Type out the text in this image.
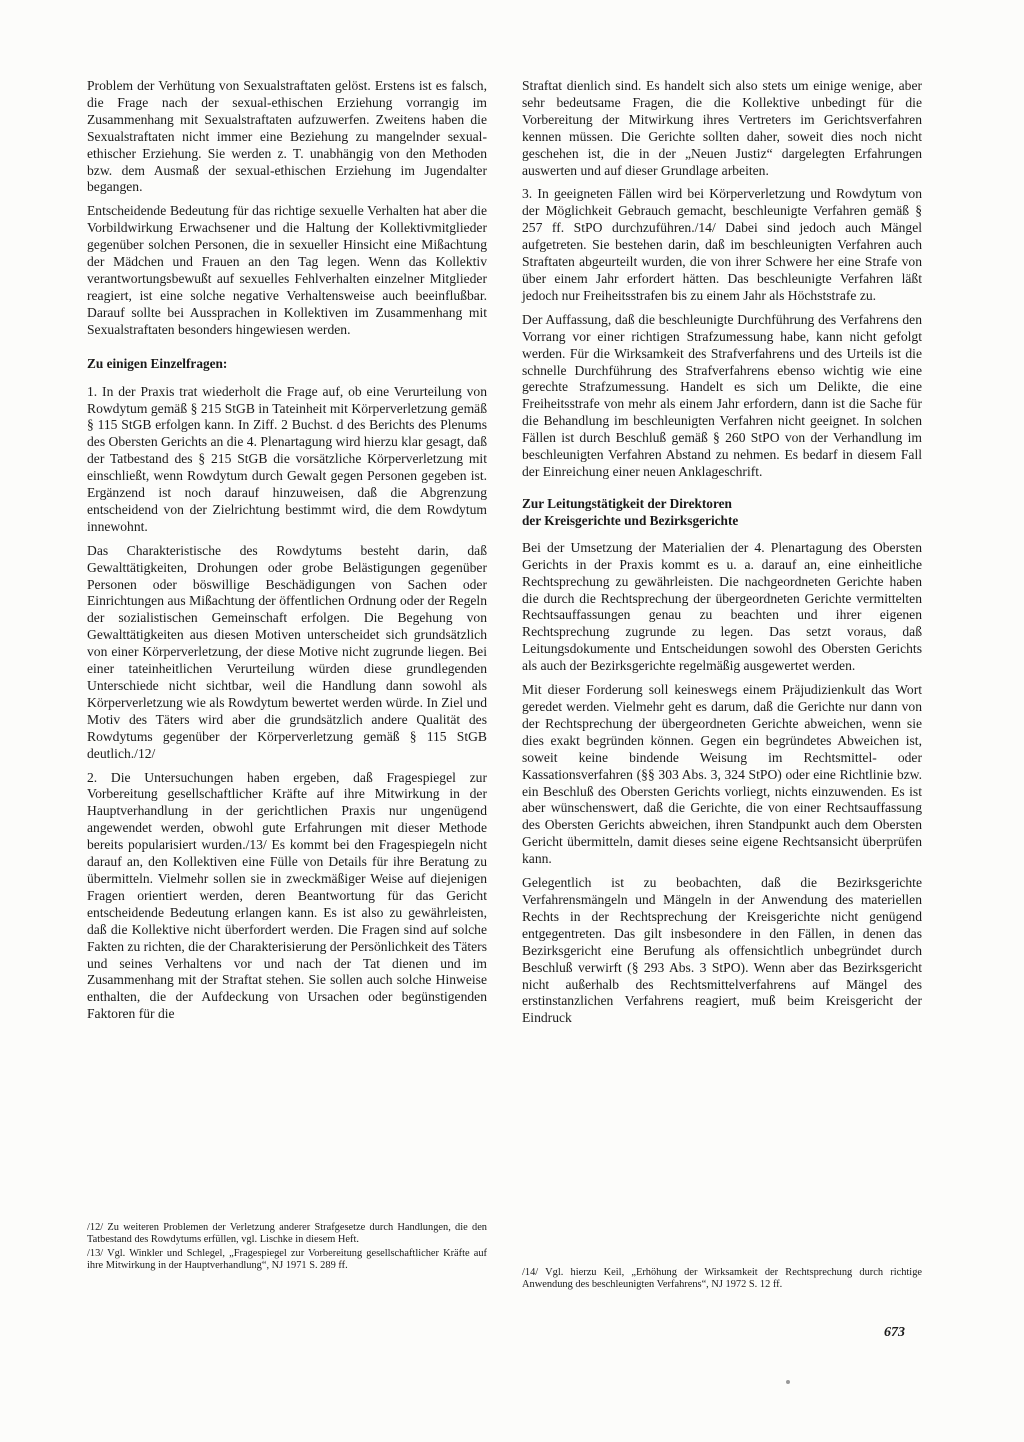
Problem der Verhütung von Sexualstraftaten gelöst. Erstens ist es falsch, die Frage nach der sexual-ethischen Erziehung vorrangig im Zusammenhang mit Sexualstraftaten aufzuwerfen. Zweitens haben die Sexualstraftaten nicht immer eine Beziehung zu mangelnder sexual-ethischer Erziehung. Sie werden z. T. unabhängig von den Methoden bzw. dem Ausmaß der sexual-ethischen Erziehung im Jugendalter begangen.

Entscheidende Bedeutung für das richtige sexuelle Verhalten hat aber die Vorbildwirkung Erwachsener und die Haltung der Kollektivmitglieder gegenüber solchen Personen, die in sexueller Hinsicht eine Mißachtung der Mädchen und Frauen an den Tag legen. Wenn das Kollektiv verantwortungsbewußt auf sexuelles Fehlverhalten einzelner Mitglieder reagiert, ist eine solche negative Verhaltensweise auch beeinflußbar. Darauf sollte bei Aussprachen in Kollektiven im Zusammenhang mit Sexualstraftaten besonders hingewiesen werden.

Zu einigen Einzelfragen:

1. In der Praxis trat wiederholt die Frage auf, ob eine Verurteilung von Rowdytum gemäß § 215 StGB in Tateinheit mit Körperverletzung gemäß § 115 StGB erfolgen kann. In Ziff. 2 Buchst. d des Berichts des Plenums des Obersten Gerichts an die 4. Plenartagung wird hierzu klar gesagt, daß der Tatbestand des § 215 StGB die vorsätzliche Körperverletzung mit einschließt, wenn Rowdytum durch Gewalt gegen Personen gegeben ist. Ergänzend ist noch darauf hinzuweisen, daß die Abgrenzung entscheidend von der Zielrichtung bestimmt wird, die dem Rowdytum innewohnt.

Das Charakteristische des Rowdytums besteht darin, daß Gewalttätigkeiten, Drohungen oder grobe Belästigungen gegenüber Personen oder böswillige Beschädigungen von Sachen oder Einrichtungen aus Mißachtung der öffentlichen Ordnung oder der Regeln der sozialistischen Gemeinschaft erfolgen. Die Begehung von Gewalttätigkeiten aus diesen Motiven unterscheidet sich grundsätzlich von einer Körperverletzung, der diese Motive nicht zugrunde liegen. Bei einer tateinheitlichen Verurteilung würden diese grundlegenden Unterschiede nicht sichtbar, weil die Handlung dann sowohl als Körperverletzung wie als Rowdytum bewertet werden würde. In Ziel und Motiv des Täters wird aber die grundsätzlich andere Qualität des Rowdytums gegenüber der Körperverletzung gemäß § 115 StGB deutlich./12/

2. Die Untersuchungen haben ergeben, daß Fragespiegel zur Vorbereitung gesellschaftlicher Kräfte auf ihre Mitwirkung in der Hauptverhandlung in der gerichtlichen Praxis nur ungenügend angewendet werden, obwohl gute Erfahrungen mit dieser Methode bereits popularisiert wurden./13/ Es kommt bei den Fragespiegeln nicht darauf an, den Kollektiven eine Fülle von Details für ihre Beratung zu übermitteln. Vielmehr sollen sie in zweckmäßiger Weise auf diejenigen Fragen orientiert werden, deren Beantwortung für das Gericht entscheidende Bedeutung erlangen kann. Es ist also zu gewährleisten, daß die Kollektive nicht überfordert werden. Die Fragen sind auf solche Fakten zu richten, die der Charakterisierung der Persönlichkeit des Täters und seines Verhaltens vor und nach der Tat dienen und im Zusammenhang mit der Straftat stehen. Sie sollen auch solche Hinweise enthalten, die der Aufdeckung von Ursachen oder begünstigenden Faktoren für die

Straftat dienlich sind. Es handelt sich also stets um einige wenige, aber sehr bedeutsame Fragen, die die Kollektive unbedingt für die Vorbereitung der Mitwirkung ihres Vertreters im Gerichtsverfahren kennen müssen. Die Gerichte sollten daher, soweit dies noch nicht geschehen ist, die in der „Neuen Justiz“ dargelegten Erfahrungen auswerten und auf dieser Grundlage arbeiten.

3. In geeigneten Fällen wird bei Körperverletzung und Rowdytum von der Möglichkeit Gebrauch gemacht, beschleunigte Verfahren gemäß § 257 ff. StPO durchzuführen./14/ Dabei sind jedoch auch Mängel aufgetreten. Sie bestehen darin, daß im beschleunigten Verfahren auch Straftaten abgeurteilt wurden, die von ihrer Schwere her eine Strafe von über einem Jahr erfordert hätten. Das beschleunigte Verfahren läßt jedoch nur Freiheitsstrafen bis zu einem Jahr als Höchststrafe zu.

Der Auffassung, daß die beschleunigte Durchführung des Verfahrens den Vorrang vor einer richtigen Strafzumessung habe, kann nicht gefolgt werden. Für die Wirksamkeit des Strafverfahrens und des Urteils ist die schnelle Durchführung des Strafverfahrens ebenso wichtig wie eine gerechte Strafzumessung. Handelt es sich um Delikte, die eine Freiheitsstrafe von mehr als einem Jahr erfordern, dann ist die Sache für die Behandlung im beschleunigten Verfahren nicht geeignet. In solchen Fällen ist durch Beschluß gemäß § 260 StPO von der Verhandlung im beschleunigten Verfahren Abstand zu nehmen. Es bedarf in diesem Fall der Einreichung einer neuen Anklageschrift.

Zur Leitungstätigkeit der Direktoren
der Kreisgerichte und Bezirksgerichte

Bei der Umsetzung der Materialien der 4. Plenartagung des Obersten Gerichts in der Praxis kommt es u. a. darauf an, eine einheitliche Rechtsprechung zu gewährleisten. Die nachgeordneten Gerichte haben die durch die Rechtsprechung der übergeordneten Gerichte vermittelten Rechtsauffassungen genau zu beachten und ihrer eigenen Rechtsprechung zugrunde zu legen. Das setzt voraus, daß Leitungsdokumente und Entscheidungen sowohl des Obersten Gerichts als auch der Bezirksgerichte regelmäßig ausgewertet werden.

Mit dieser Forderung soll keineswegs einem Präjudizienkult das Wort geredet werden. Vielmehr geht es darum, daß die Gerichte nur dann von der Rechtsprechung der übergeordneten Gerichte abweichen, wenn sie dies exakt begründen können. Gegen ein begründetes Abweichen ist, soweit keine bindende Weisung im Rechtsmittel- oder Kassationsverfahren (§§ 303 Abs. 3, 324 StPO) oder eine Richtlinie bzw. ein Beschluß des Obersten Gerichts vorliegt, nichts einzuwenden. Es ist aber wünschenswert, daß die Gerichte, die von einer Rechtsauffassung des Obersten Gerichts abweichen, ihren Standpunkt auch dem Obersten Gericht übermitteln, damit dieses seine eigene Rechtsansicht überprüfen kann.

Gelegentlich ist zu beobachten, daß die Bezirksgerichte Verfahrensmängeln und Mängeln in der Anwendung des materiellen Rechts in der Rechtsprechung der Kreisgerichte nicht genügend entgegentreten. Das gilt insbesondere in den Fällen, in denen das Bezirksgericht eine Berufung als offensichtlich unbegründet durch Beschluß verwirft (§ 293 Abs. 3 StPO). Wenn aber das Bezirksgericht nicht außerhalb des Rechtsmittelverfahrens auf Mängel des erstinstanzlichen Verfahrens reagiert, muß beim Kreisgericht der Eindruck

/12/ Zu weiteren Problemen der Verletzung anderer Strafgesetze durch Handlungen, die den Tatbestand des Rowdytums erfüllen, vgl. Lischke in diesem Heft.

/13/ Vgl. Winkler und Schlegel, „Fragespiegel zur Vorbereitung gesellschaftlicher Kräfte auf ihre Mitwirkung in der Hauptverhandlung“, NJ 1971 S. 289 ff.

/14/ Vgl. hierzu Keil, „Erhöhung der Wirksamkeit der Rechtsprechung durch richtige Anwendung des beschleunigten Verfahrens“, NJ 1972 S. 12 ff.

673
